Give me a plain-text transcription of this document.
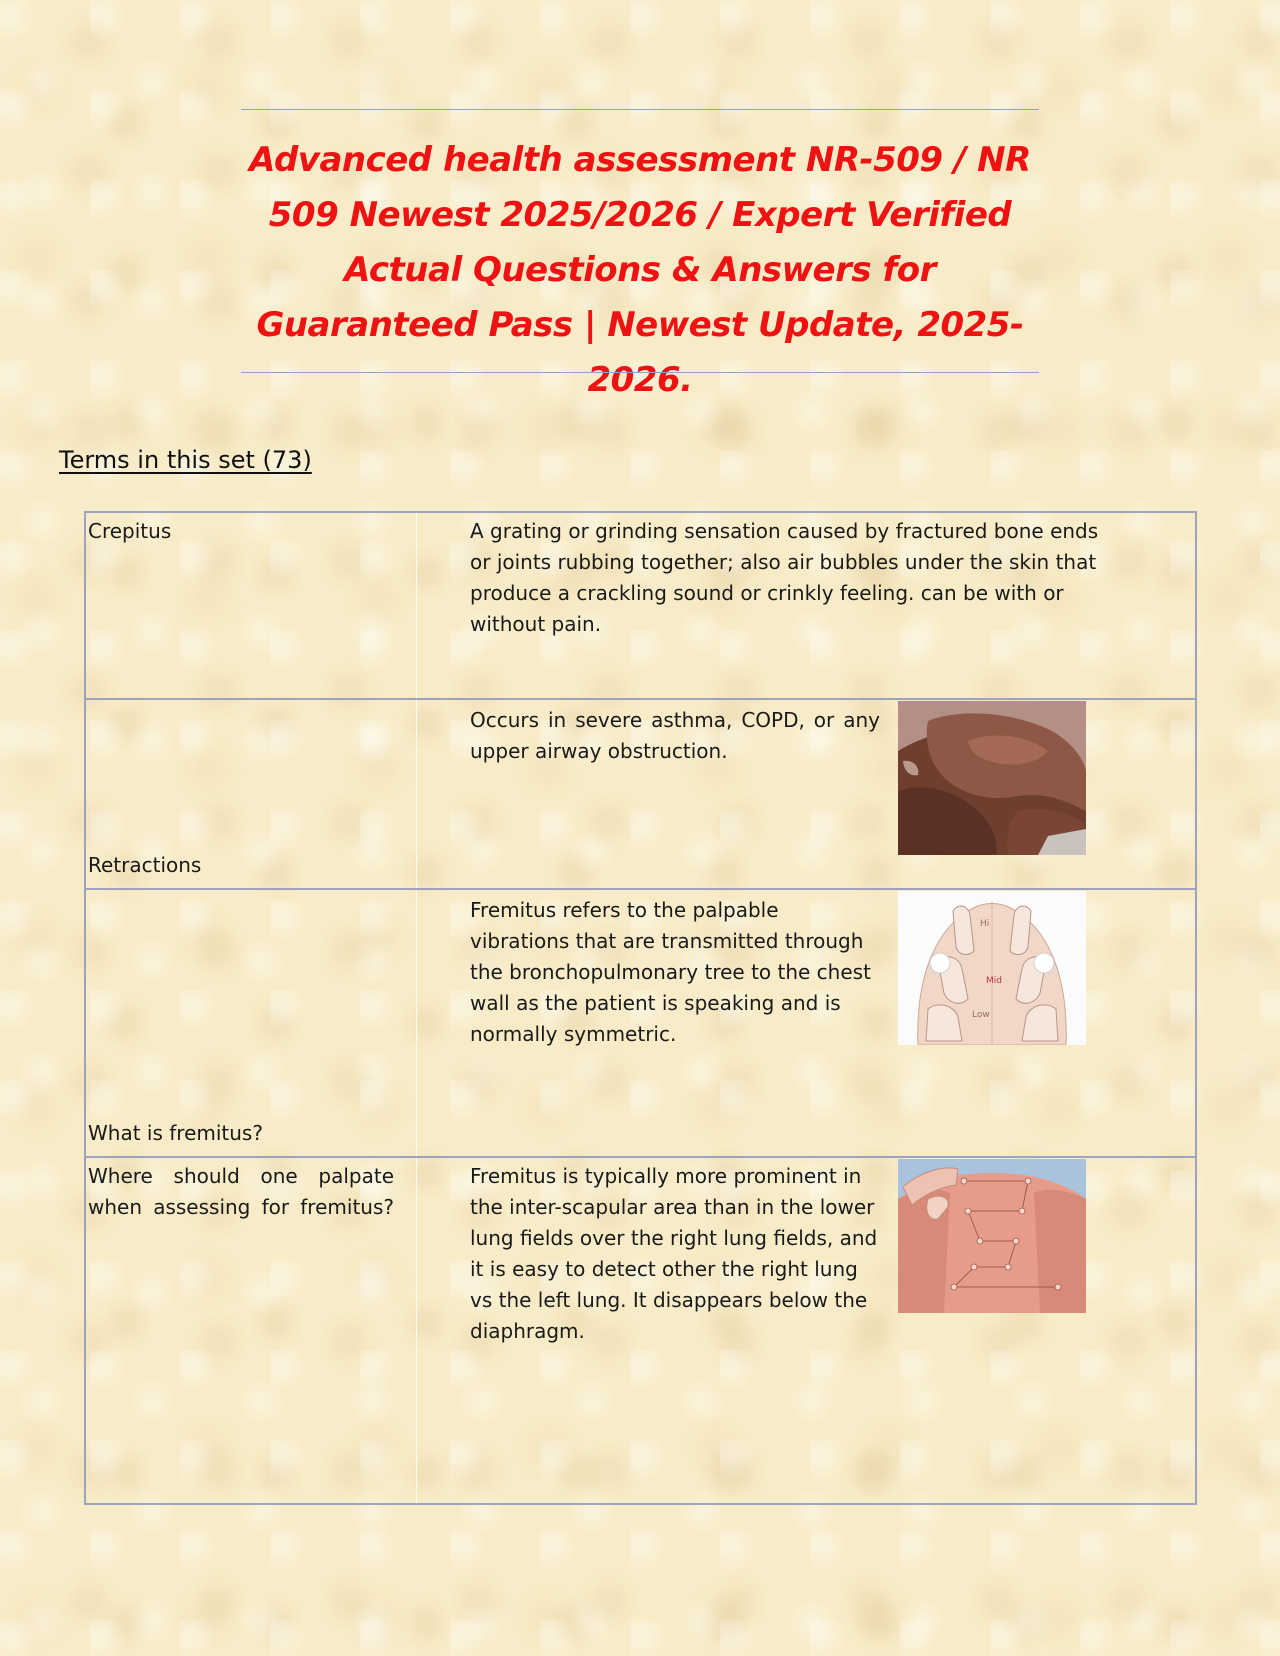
Advanced health assessment NR-509 / NR 509 Newest 2025/2026 / Expert Verified Actual Questions & Answers for Guaranteed Pass | Newest Update, 2025-2026.
Terms in this set (73)
Crepitus	A grating or grinding sensation caused by fractured bone ends or joints rubbing together; also air bubbles under the skin that produce a crackling sound or crinkly feeling. can be with or without pain.
Retractions
Occurs in severe asthma, COPD, or any upper airway obstruction.
What is fremitus?
Fremitus refers to the palpable vibrations that are transmitted through the bronchopulmonary tree to the chest wall as the patient is speaking and is normally symmetric.
Hi
Mid
Low
Where should one palpate when assessing for fremitus?
Fremitus is typically more prominent in the inter-scapular area than in the lower lung fields over the right lung fields, and it is easy to detect other the right lung vs the left lung. It disappears below the diaphragm.
